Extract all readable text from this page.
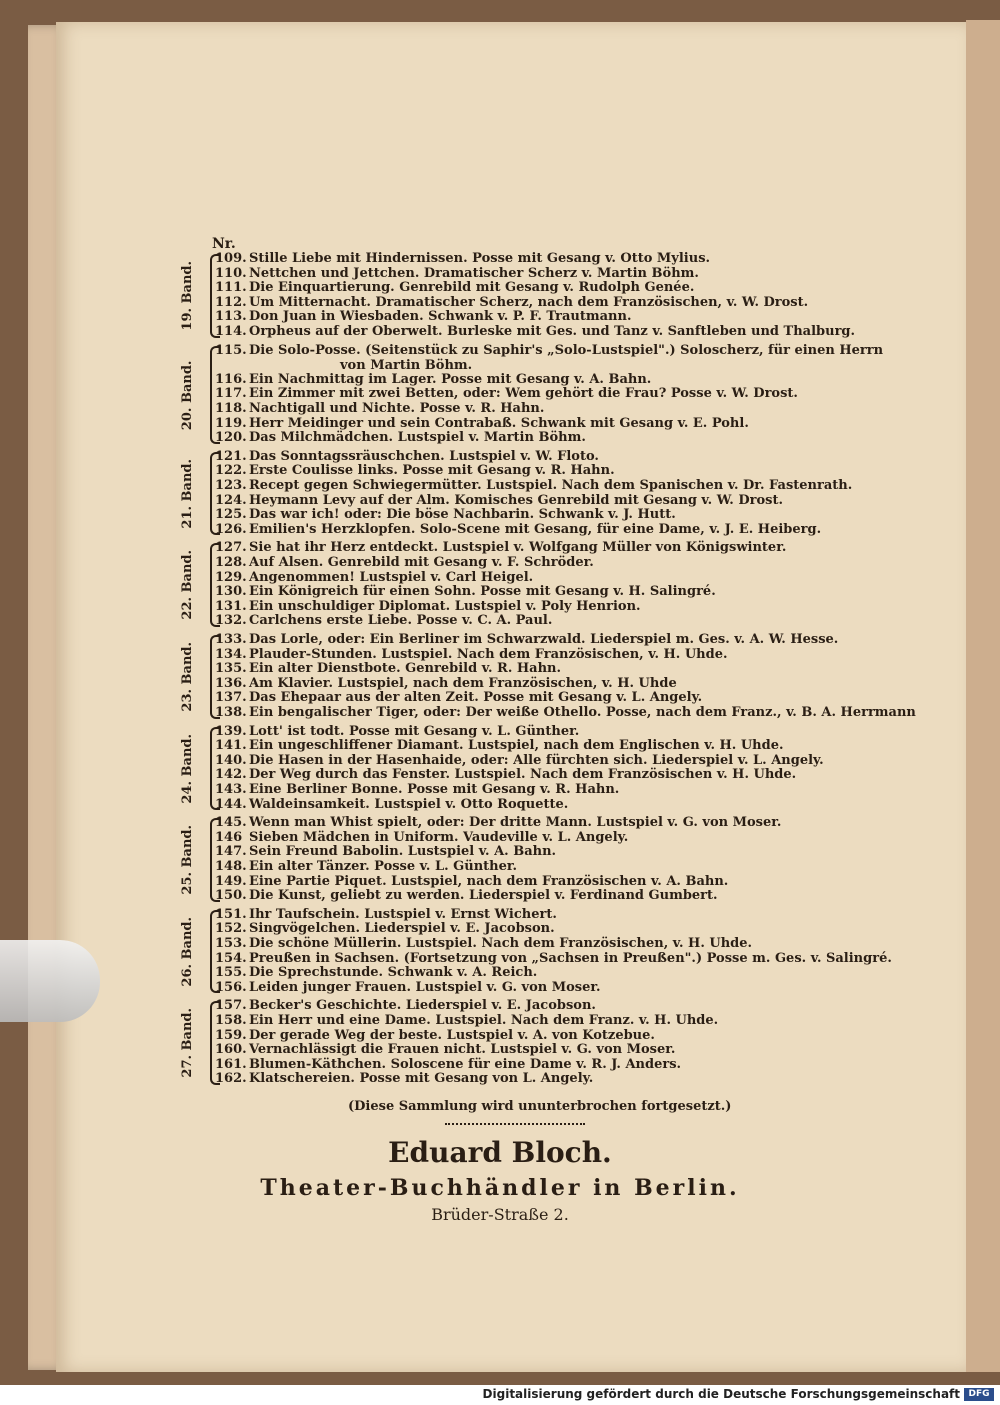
Nr.
109. Stille Liebe mit Hindernissen. Posse mit Gesang v. Otto Mylius.
110. Nettchen und Jettchen. Dramatischer Scherz v. Martin Böhm.
111. Die Einquartierung. Genrebild mit Gesang v. Rudolph Genée.
112. Um Mitternacht. Dramatischer Scherz, nach dem Französischen, v. W. Drost.
113. Don Juan in Wiesbaden. Schwank v. P. F. Trautmann.
114. Orpheus auf der Oberwelt. Burleske mit Ges. und Tanz v. Sanftleben und Thalburg.
19. Band.
115. Die Solo-Posse. (Seitenstück zu Saphir's „Solo-Lustspiel".) Soloscherz, für einen Herrn
von Martin Böhm.
116. Ein Nachmittag im Lager. Posse mit Gesang v. A. Bahn.
117. Ein Zimmer mit zwei Betten, oder: Wem gehört die Frau? Posse v. W. Drost.
118. Nachtigall und Nichte. Posse v. R. Hahn.
119. Herr Meidinger und sein Contrabaß. Schwank mit Gesang v. E. Pohl.
120. Das Milchmädchen. Lustspiel v. Martin Böhm.
20. Band.
121. Das Sonntagssräuschchen. Lustspiel v. W. Floto.
122. Erste Coulisse links. Posse mit Gesang v. R. Hahn.
123. Recept gegen Schwiegermütter. Lustspiel. Nach dem Spanischen v. Dr. Fastenrath.
124. Heymann Levy auf der Alm. Komisches Genrebild mit Gesang v. W. Drost.
125. Das war ich! oder: Die böse Nachbarin. Schwank v. J. Hutt.
126. Emilien's Herzklopfen. Solo-Scene mit Gesang, für eine Dame, v. J. E. Heiberg.
21. Band.
127. Sie hat ihr Herz entdeckt. Lustspiel v. Wolfgang Müller von Königswinter.
128. Auf Alsen. Genrebild mit Gesang v. F. Schröder.
129. Angenommen! Lustspiel v. Carl Heigel.
130. Ein Königreich für einen Sohn. Posse mit Gesang v. H. Salingré.
131. Ein unschuldiger Diplomat. Lustspiel v. Poly Henrion.
132. Carlchens erste Liebe. Posse v. C. A. Paul.
22. Band.
133. Das Lorle, oder: Ein Berliner im Schwarzwald. Liederspiel m. Ges. v. A. W. Hesse.
134. Plauder-Stunden. Lustspiel. Nach dem Französischen, v. H. Uhde.
135. Ein alter Dienstbote. Genrebild v. R. Hahn.
136. Am Klavier. Lustspiel, nach dem Französischen, v. H. Uhde
137. Das Ehepaar aus der alten Zeit. Posse mit Gesang v. L. Angely.
138. Ein bengalischer Tiger, oder: Der weiße Othello. Posse, nach dem Franz., v. B. A. Herrmann
23. Band.
139. Lott' ist todt. Posse mit Gesang v. L. Günther.
141. Ein ungeschliffener Diamant. Lustspiel, nach dem Englischen v. H. Uhde.
140. Die Hasen in der Hasenhaide, oder: Alle fürchten sich. Liederspiel v. L. Angely.
142. Der Weg durch das Fenster. Lustspiel. Nach dem Französischen v. H. Uhde.
143. Eine Berliner Bonne. Posse mit Gesang v. R. Hahn.
144. Waldeinsamkeit. Lustspiel v. Otto Roquette.
24. Band.
145. Wenn man Whist spielt, oder: Der dritte Mann. Lustspiel v. G. von Moser.
146 Sieben Mädchen in Uniform. Vaudeville v. L. Angely.
147. Sein Freund Babolin. Lustspiel v. A. Bahn.
148. Ein alter Tänzer. Posse v. L. Günther.
149. Eine Partie Piquet. Lustspiel, nach dem Französischen v. A. Bahn.
150. Die Kunst, geliebt zu werden. Liederspiel v. Ferdinand Gumbert.
25. Band.
151. Ihr Taufschein. Lustspiel v. Ernst Wichert.
152. Singvögelchen. Liederspiel v. E. Jacobson.
153. Die schöne Müllerin. Lustspiel. Nach dem Französischen, v. H. Uhde.
154. Preußen in Sachsen. (Fortsetzung von „Sachsen in Preußen".) Posse m. Ges. v. Salingré.
155. Die Sprechstunde. Schwank v. A. Reich.
156. Leiden junger Frauen. Lustspiel v. G. von Moser.
26. Band.
157. Becker's Geschichte. Liederspiel v. E. Jacobson.
158. Ein Herr und eine Dame. Lustspiel. Nach dem Franz. v. H. Uhde.
159. Der gerade Weg der beste. Lustspiel v. A. von Kotzebue.
160. Vernachlässigt die Frauen nicht. Lustspiel v. G. von Moser.
161. Blumen-Käthchen. Soloscene für eine Dame v. R. J. Anders.
162. Klatschereien. Posse mit Gesang von L. Angely.
27. Band.
(Diese Sammlung wird ununterbrochen fortgesetzt.)
Eduard Bloch.
Theater-Buchhändler in Berlin.
Brüder-Straße 2.
Digitalisierung gefördert durch die Deutsche Forschungsgemeinschaft DFG
